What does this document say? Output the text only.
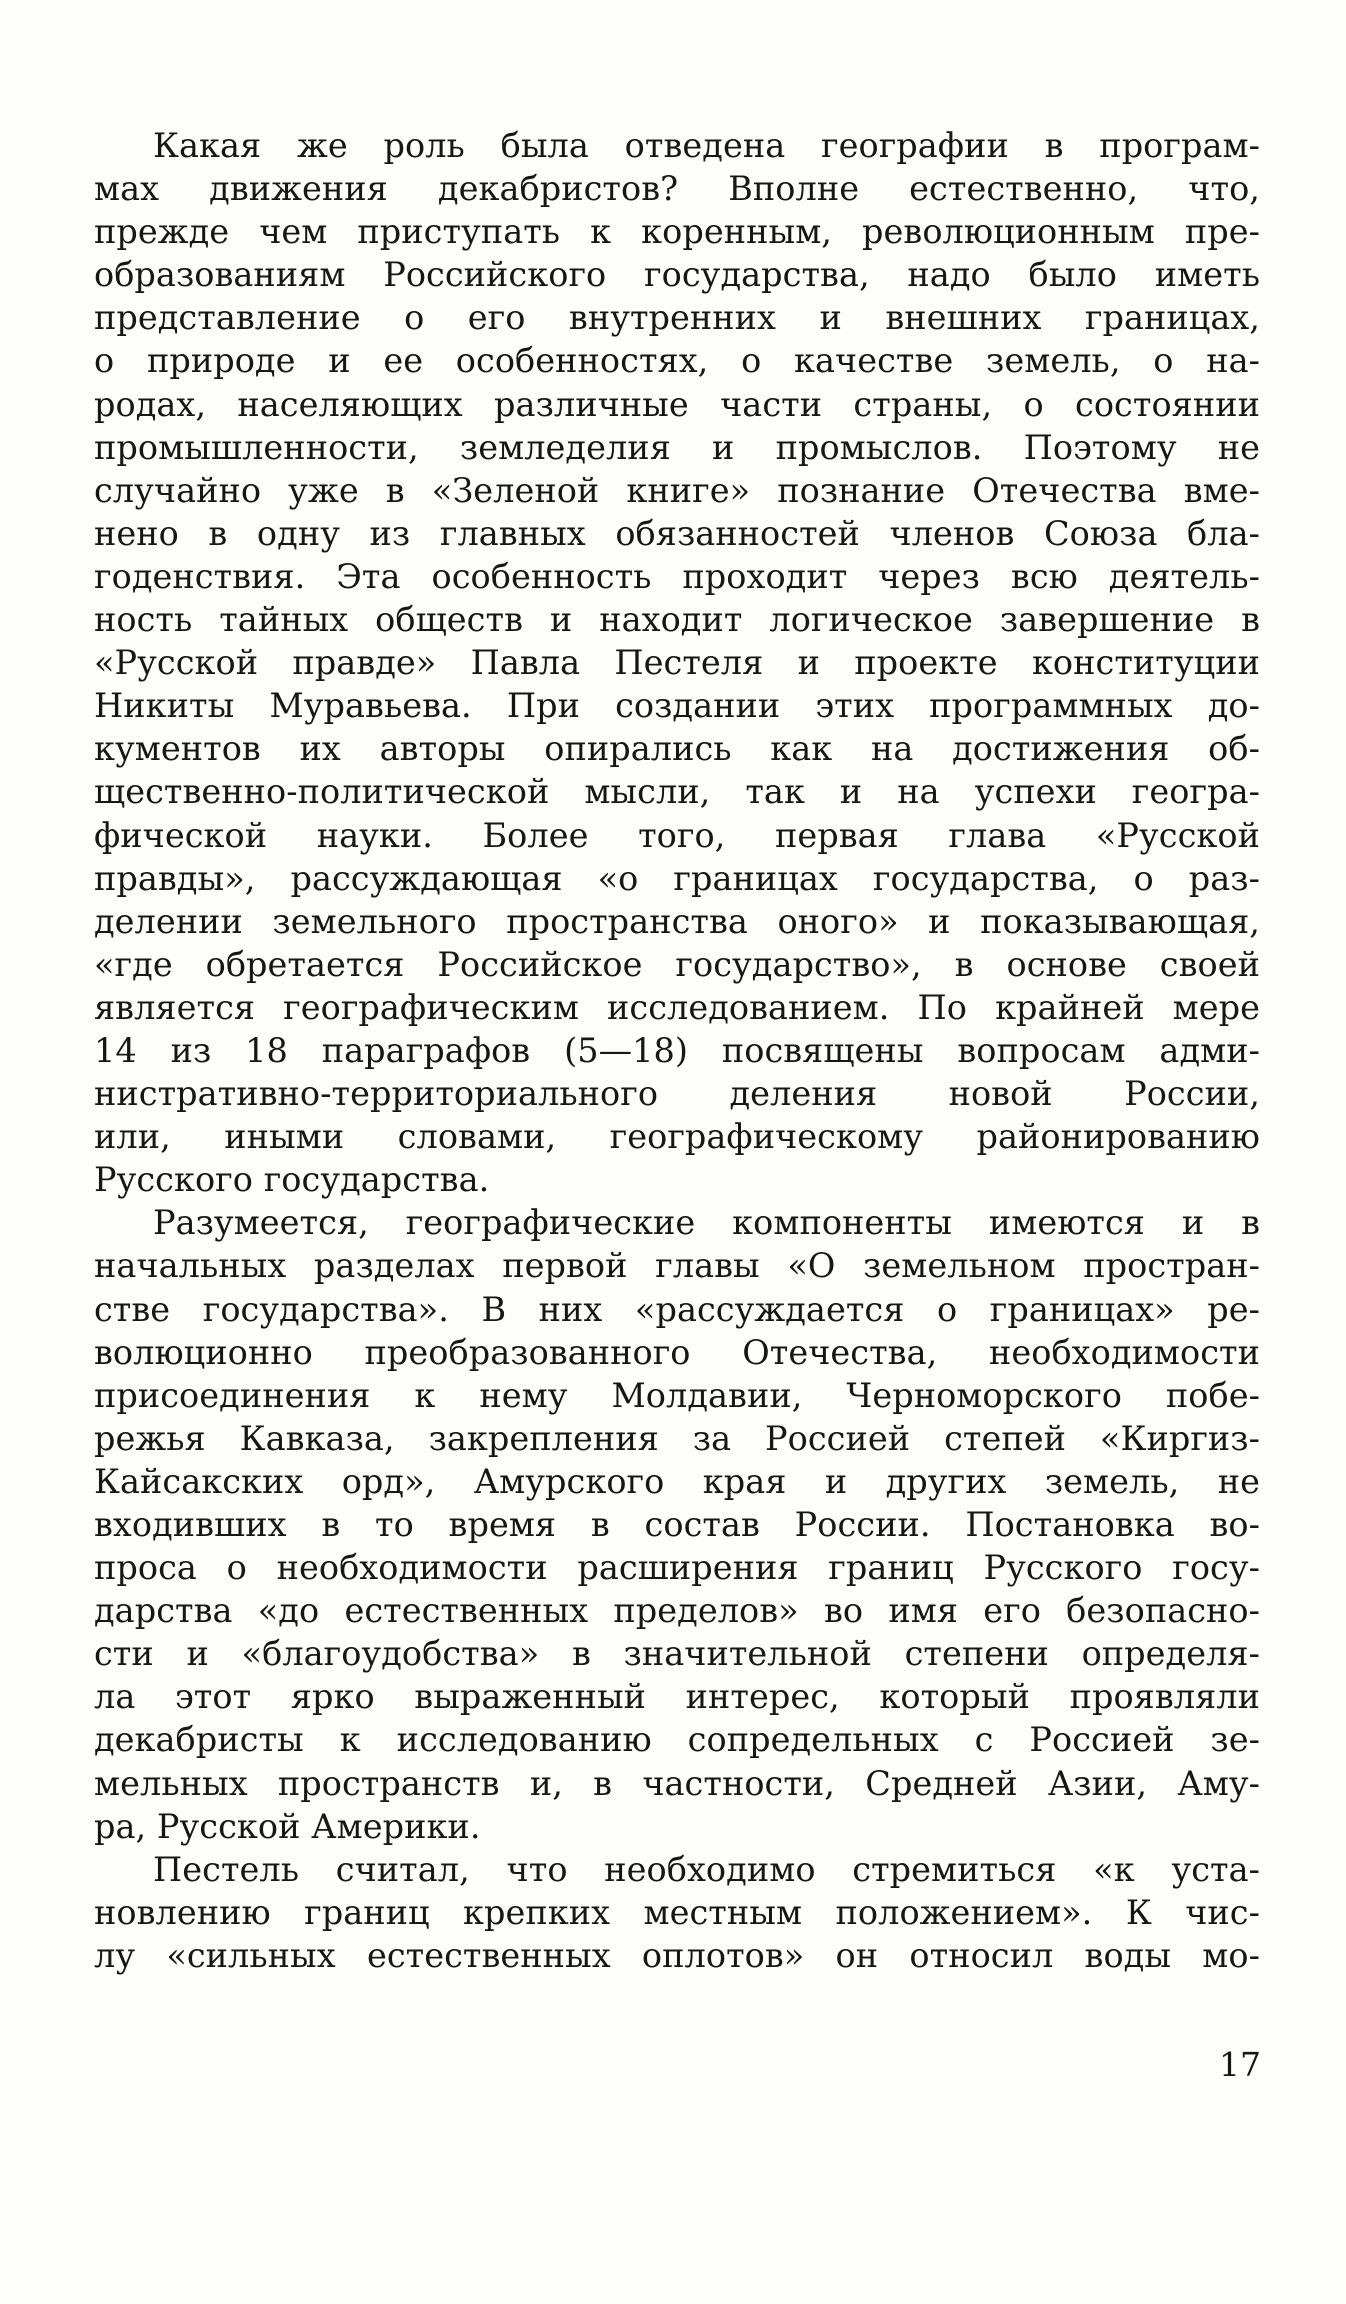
Какая же роль была отведена географии в програм-
мах движения декабристов? Вполне естественно, что,
прежде чем приступать к коренным, революционным пре-
образованиям Российского государства, надо было иметь
представление о его внутренних и внешних границах,
о природе и ее особенностях, о качестве земель, о на-
родах, населяющих различные части страны, о состоянии
промышленности, земледелия и промыслов. Поэтому не
случайно уже в «Зеленой книге» познание Отечества вме-
нено в одну из главных обязанностей членов Союза бла-
годенствия. Эта особенность проходит через всю деятель-
ность тайных обществ и находит логическое завершение в
«Русской правде» Павла Пестеля и проекте конституции
Никиты Муравьева. При создании этих программных до-
кументов их авторы опирались как на достижения об-
щественно-политической мысли, так и на успехи геогра-
фической науки. Более того, первая глава «Русской
правды», рассуждающая «о границах государства, о раз-
делении земельного пространства оного» и показывающая,
«где обретается Российское государство», в основе своей
является географическим исследованием. По крайней мере
14 из 18 параграфов (5—18) посвящены вопросам адми-
нистративно-территориального деления новой России,
или, иными словами, географическому районированию
Русского государства.

Разумеется, географические компоненты имеются и в
начальных разделах первой главы «О земельном простран-
стве государства». В них «рассуждается о границах» ре-
волюционно преобразованного Отечества, необходимости
присоединения к нему Молдавии, Черноморского побе-
режья Кавказа, закрепления за Россией степей «Киргиз-
Кайсакских орд», Амурского края и других земель, не
входивших в то время в состав России. Постановка во-
проса о необходимости расширения границ Русского госу-
дарства «до естественных пределов» во имя его безопасно-
сти и «благоудобства» в значительной степени определя-
ла этот ярко выраженный интерес, который проявляли
декабристы к исследованию сопредельных с Россией зе-
мельных пространств и, в частности, Средней Азии, Аму-
ра, Русской Америки.

Пестель считал, что необходимо стремиться «к уста-
новлению границ крепких местным положением». К чис-
лу «сильных естественных оплотов» он относил воды мо-

17
